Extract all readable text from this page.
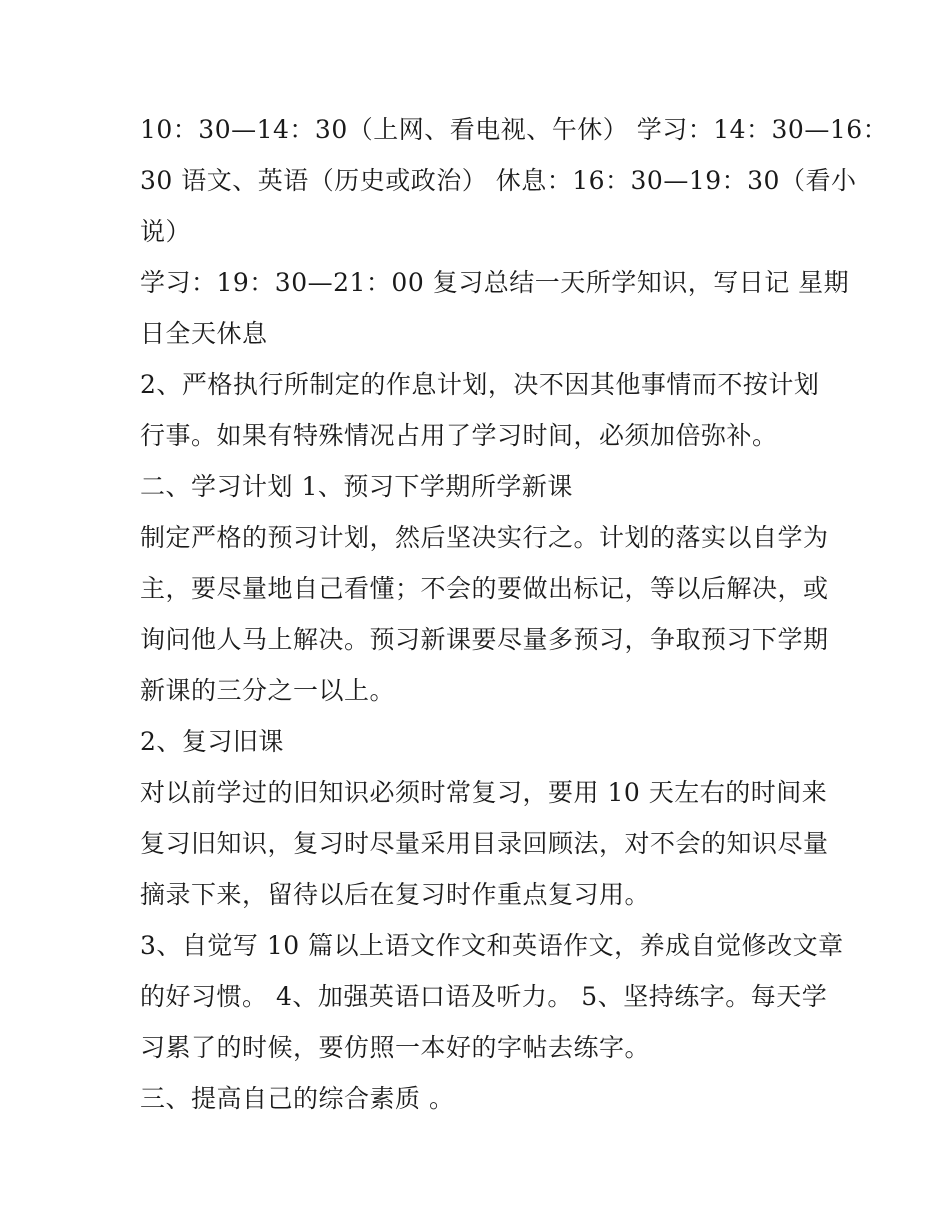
10：30—14：30（上网、看电视、午休） 学习：14：30—16：
30 语文、英语（历史或政治） 休息：16：30—19：30（看小
说）
学习：19：30—21：00 复习总结一天所学知识，写日记 星期
日全天休息
2、严格执行所制定的作息计划，决不因其他事情而不按计划
行事。如果有特殊情况占用了学习时间，必须加倍弥补。
二、学习计划 1、预习下学期所学新课
制定严格的预习计划，然后坚决实行之。计划的落实以自学为
主，要尽量地自己看懂；不会的要做出标记，等以后解决，或
询问他人马上解决。预习新课要尽量多预习，争取预习下学期
新课的三分之一以上。
2、复习旧课
对以前学过的旧知识必须时常复习，要用 10 天左右的时间来
复习旧知识，复习时尽量采用目录回顾法，对不会的知识尽量
摘录下来，留待以后在复习时作重点复习用。
3、自觉写 10 篇以上语文作文和英语作文，养成自觉修改文章
的好习惯。 4、加强英语口语及听力。 5、坚持练字。每天学
习累了的时候，要仿照一本好的字帖去练字。
三、提高自己的综合素质 。
